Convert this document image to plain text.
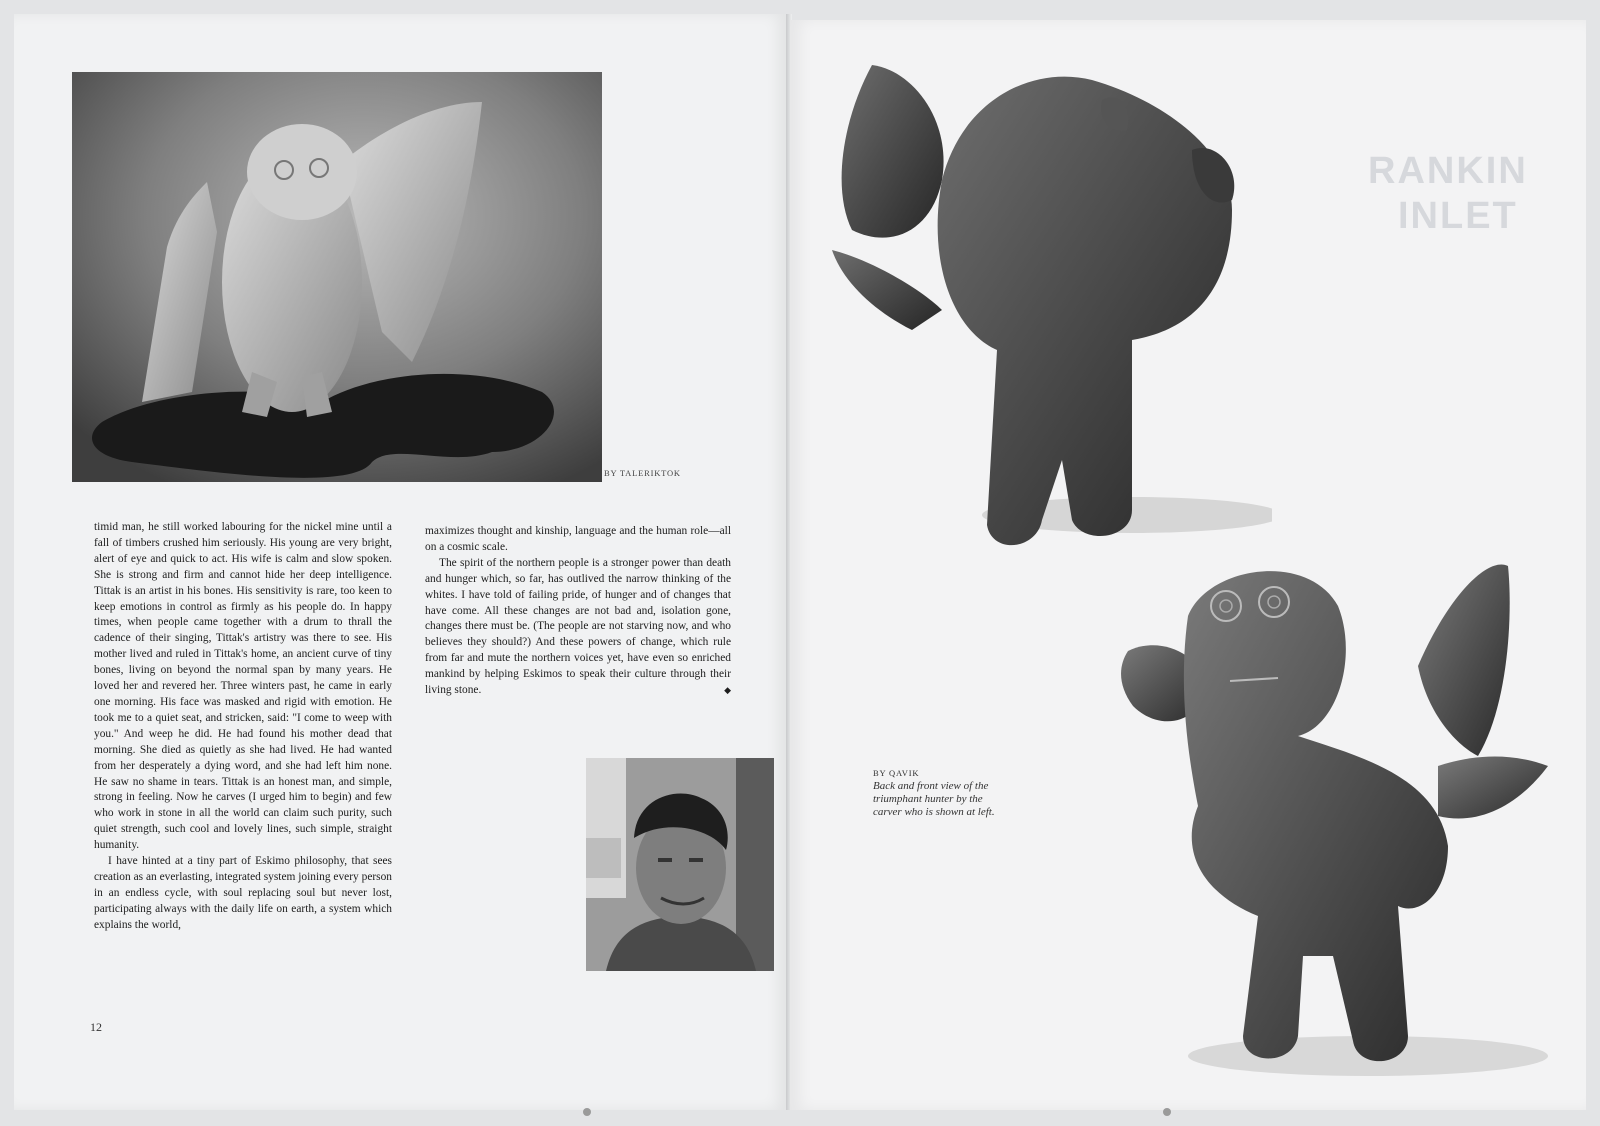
RANKIN
INLET
BY TALERIKTOK

timid man, he still worked labouring for the nickel mine until a fall of timbers crushed him seriously. His young are very bright, alert of eye and quick to act. His wife is calm and slow spoken. She is strong and firm and cannot hide her deep intelligence. Tittak is an artist in his bones. His sensitivity is rare, too keen to keep emotions in control as firmly as his people do. In happy times, when people came together with a drum to thrall the cadence of their singing, Tittak's artistry was there to see. His mother lived and ruled in Tittak's home, an ancient curve of tiny bones, living on beyond the normal span by many years. He loved her and revered her. Three winters past, he came in early one morning. His face was masked and rigid with emotion. He took me to a quiet seat, and stricken, said: "I come to weep with you." And weep he did. He had found his mother dead that morning. She died as quietly as she had lived. He had wanted from her desperately a dying word, and she had left him none. He saw no shame in tears. Tittak is an honest man, and simple, strong in feeling. Now he carves (I urged him to begin) and few who work in stone in all the world can claim such purity, such quiet strength, such cool and lovely lines, such simple, straight humanity.

I have hinted at a tiny part of Eskimo philosophy, that sees creation as an everlasting, integrated system joining every person in an endless cycle, with soul replacing soul but never lost, participating always with the daily life on earth, a system which explains the world,

maximizes thought and kinship, language and the human role—all on a cosmic scale.

The spirit of the northern people is a stronger power than death and hunger which, so far, has outlived the narrow thinking of the whites. I have told of failing pride, of hunger and of changes that have come. All these changes are not bad and, isolation gone, changes there must be. (The people are not starving now, and who believes they should?) And these powers of change, which rule from far and mute the northern voices yet, have even so enriched mankind by helping Eskimos to speak their culture through their living stone.	◆

12
BY QAVIK
Back and front view of the triumphant hunter by the carver who is shown at left.
